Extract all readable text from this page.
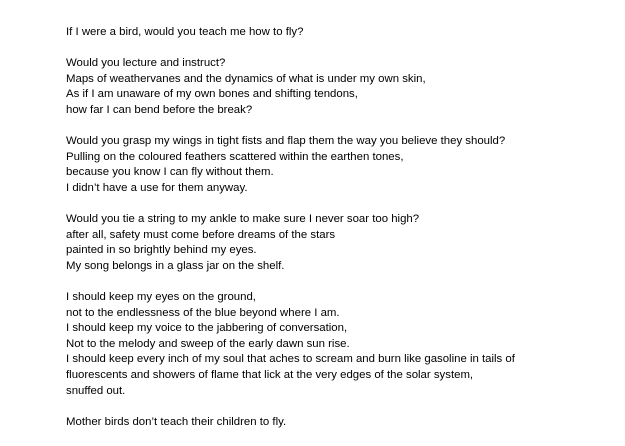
If I were a bird, would you teach me how to fly?
Would you lecture and instruct?
Maps of weathervanes and the dynamics of what is under my own skin,
As if I am unaware of my own bones and shifting tendons,
how far I can bend before the break?
Would you grasp my wings in tight fists and flap them the way you believe they should?
Pulling on the coloured feathers scattered within the earthen tones,
because you know I can fly without them.
I didn’t have a use for them anyway.
Would you tie a string to my ankle to make sure I never soar too high?
after all, safety must come before dreams of the stars
painted in so brightly behind my eyes.
My song belongs in a glass jar on the shelf.
I should keep my eyes on the ground,
not to the endlessness of the blue beyond where I am.
I should keep my voice to the jabbering of conversation,
Not to the melody and sweep of the early dawn sun rise.
I should keep every inch of my soul that aches to scream and burn like gasoline in tails of
fluorescents and showers of flame that lick at the very edges of the solar system,
snuffed out.
Mother birds don’t teach their children to fly.
